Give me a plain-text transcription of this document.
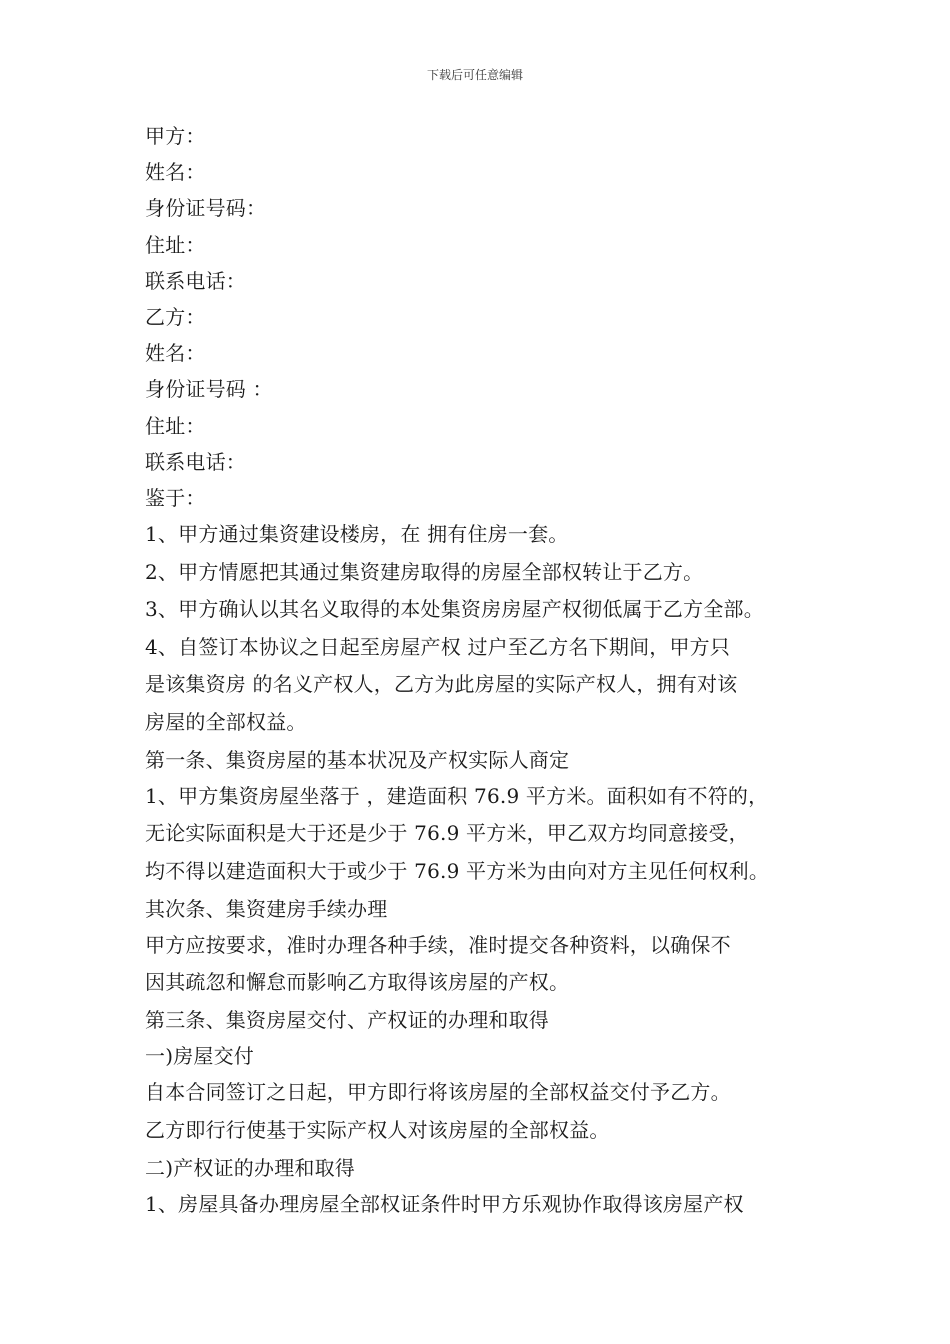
下载后可任意编辑
甲方：
姓名：
身份证号码：
住址：
联系电话：
乙方：
姓名：
身份证号码 ：
住址：
联系电话：
鉴于：
1、甲方通过集资建设楼房，在 拥有住房一套。
2、甲方情愿把其通过集资建房取得的房屋全部权转让于乙方。
3、甲方确认以其名义取得的本处集资房房屋产权彻低属于乙方全部。
4、自签订本协议之日起至房屋产权 过户至乙方名下期间，甲方只
是该集资房 的名义产权人，乙方为此房屋的实际产权人，拥有对该
房屋的全部权益。
第一条、集资房屋的基本状况及产权实际人商定
1、甲方集资房屋坐落于 ，建造面积 76.9 平方米。面积如有不符的，
无论实际面积是大于还是少于 76.9 平方米，甲乙双方均同意接受，
均不得以建造面积大于或少于 76.9 平方米为由向对方主见任何权利。
其次条、集资建房手续办理
甲方应按要求，准时办理各种手续，准时提交各种资料，以确保不
因其疏忽和懈怠而影响乙方取得该房屋的产权。
第三条、集资房屋交付、产权证的办理和取得
一)房屋交付
自本合同签订之日起，甲方即行将该房屋的全部权益交付予乙方。
乙方即行行使基于实际产权人对该房屋的全部权益。
二)产权证的办理和取得
1、房屋具备办理房屋全部权证条件时甲方乐观协作取得该房屋产权
